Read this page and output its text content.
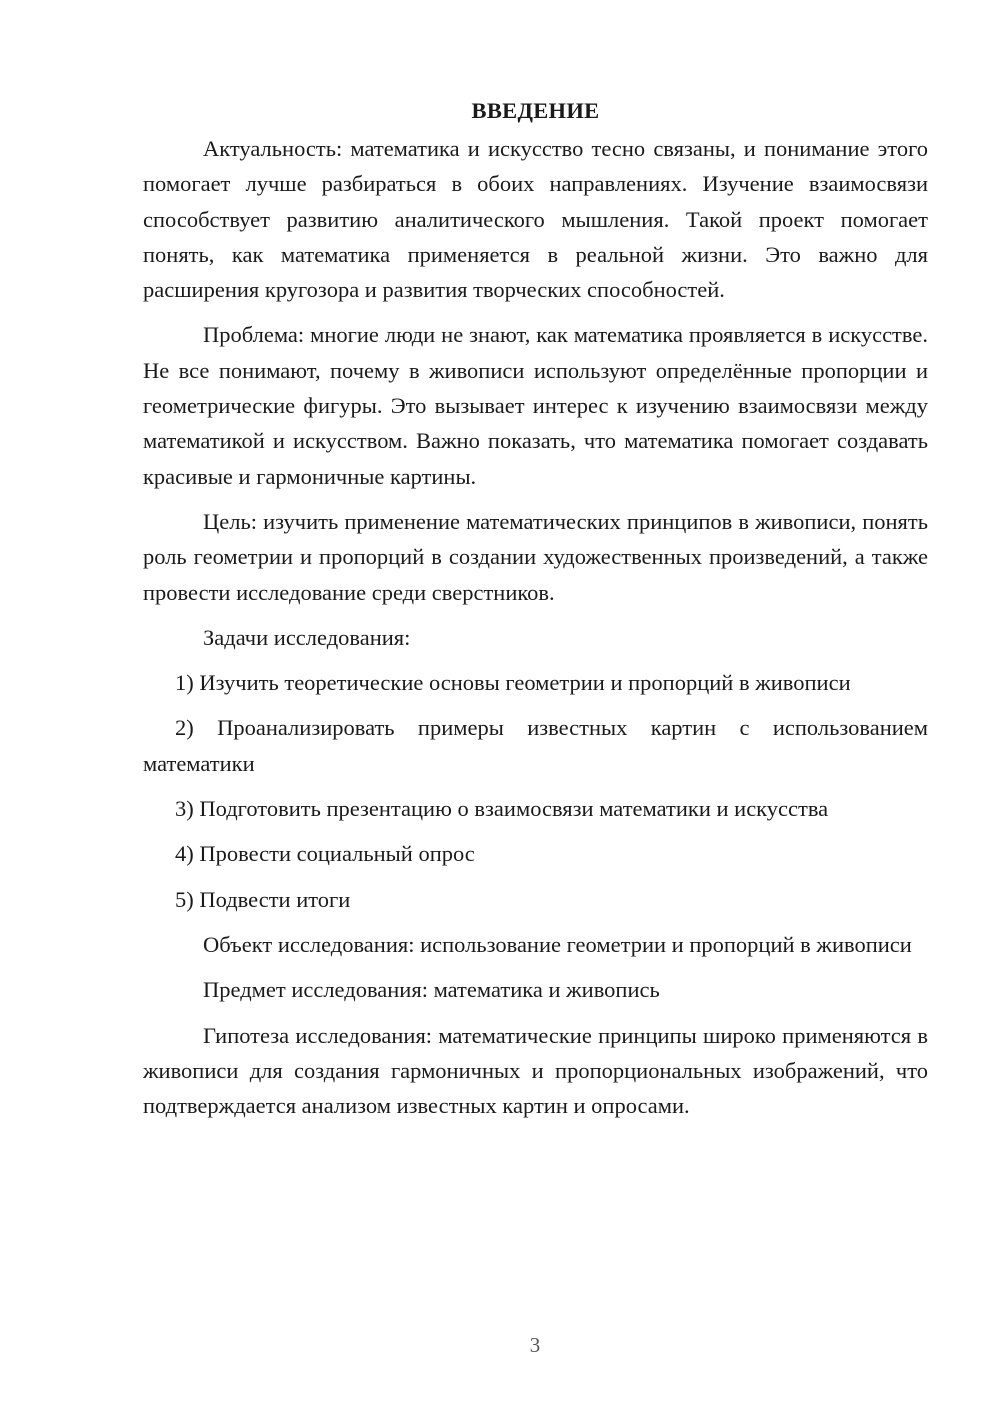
ВВЕДЕНИЕ

Актуальность: математика и искусство тесно связаны, и понимание этого помогает лучше разбираться в обоих направлениях. Изучение взаимосвязи способствует развитию аналитического мышления. Такой проект помогает понять, как математика применяется в реальной жизни. Это важно для расширения кругозора и развития творческих способностей.

Проблема: многие люди не знают, как математика проявляется в искусстве. Не все понимают, почему в живописи используют определённые пропорции и геометрические фигуры. Это вызывает интерес к изучению взаимосвязи между математикой и искусством. Важно показать, что математика помогает создавать красивые и гармоничные картины.

Цель: изучить применение математических принципов в живописи, понять роль геометрии и пропорций в создании художественных произведений, а также провести исследование среди сверстников.

Задачи исследования:

1) Изучить теоретические основы геометрии и пропорций в живописи

2) Проанализировать примеры известных картин с использованием математики

3) Подготовить презентацию о взаимосвязи математики и искусства

4) Провести социальный опрос

5) Подвести итоги

Объект исследования: использование геометрии и пропорций в живописи

Предмет исследования: математика и живопись

Гипотеза исследования: математические принципы широко применяются в живописи для создания гармоничных и пропорциональных изображений, что подтверждается анализом известных картин и опросами.

3
